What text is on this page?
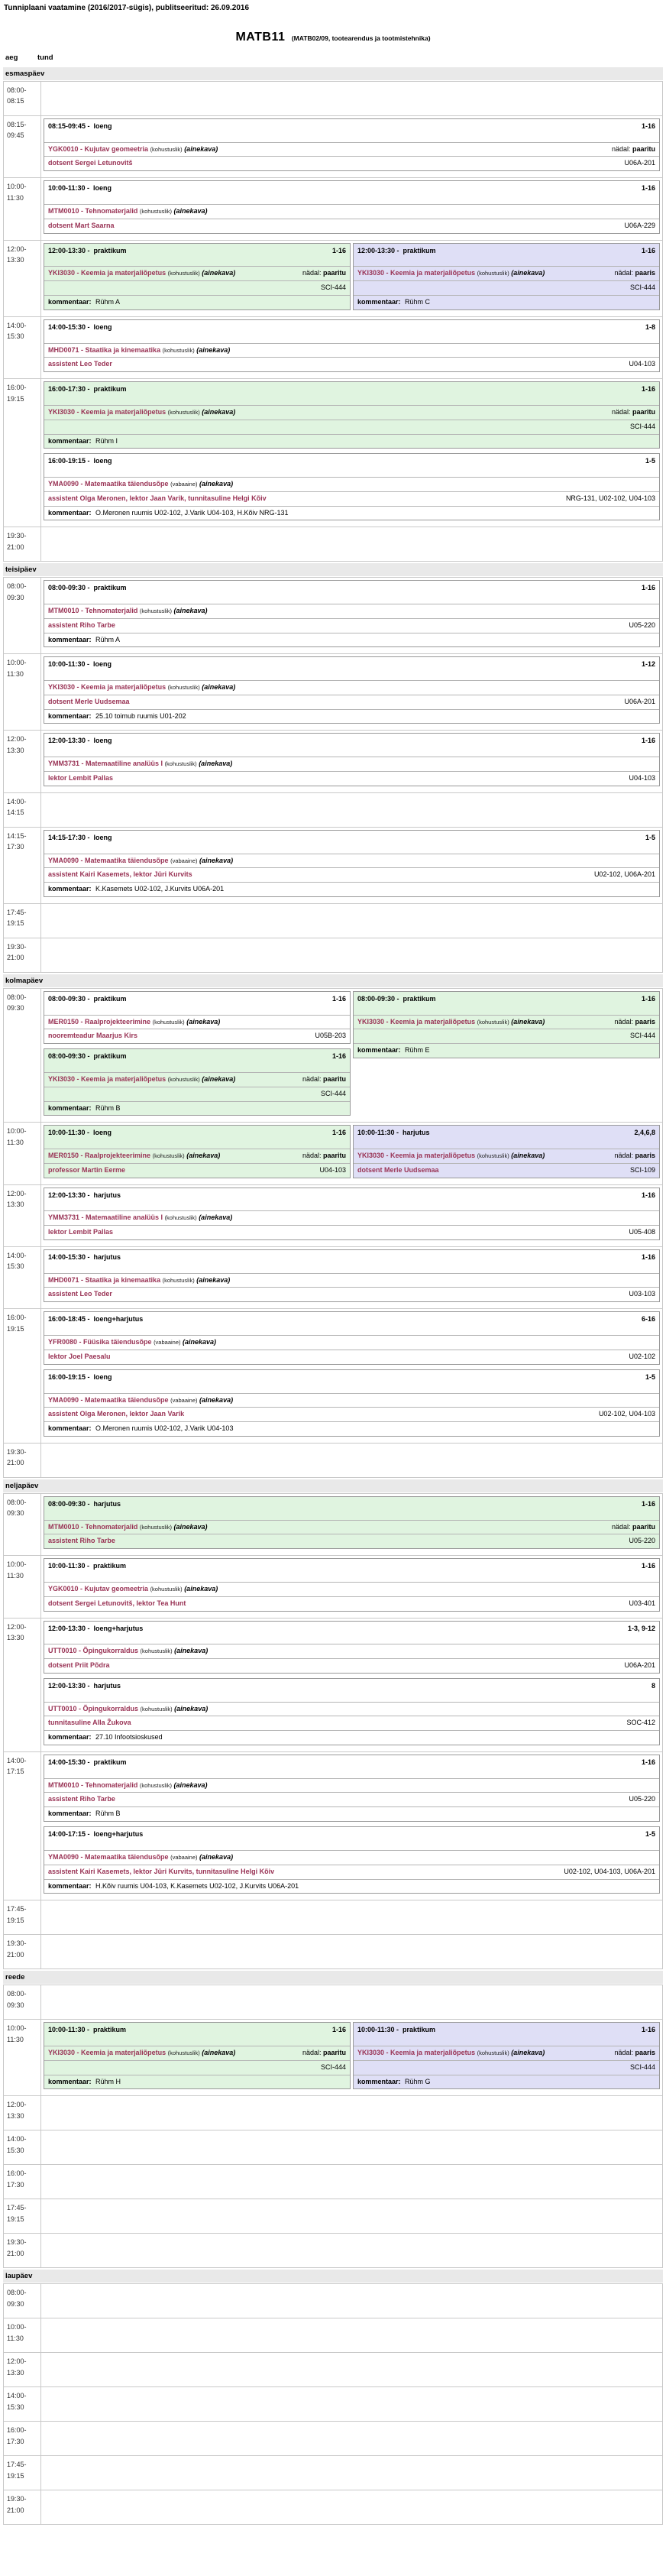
Tunniplaani vaatamine (2016/2017-sügis), publitseeritud: 26.09.2016
MATB11 (MATB02/09, tootearendus ja tootmistehnika)
aeg	tund
esmaspäev
08:00-
08:15
08:15-
09:45
08:15-09:45 - loeng	1-16
YGK0010 - Kujutav geomeetria (kohustuslik) (ainekava)	nädal: paaritu
dotsent Sergei Letunovitš	U06A-201
10:00-
11:30
10:00-11:30 - loeng	1-16
MTM0010 - Tehnomaterjalid (kohustuslik) (ainekava)
dotsent Mart Saarna	U06A-229
12:00-
13:30
12:00-13:30 - praktikum	1-16
YKI3030 - Keemia ja materjaliõpetus (kohustuslik) (ainekava)	nädal: paaritu
SCI-444
kommentaar: Rühm A
12:00-13:30 - praktikum	1-16
YKI3030 - Keemia ja materjaliõpetus (kohustuslik) (ainekava)	nädal: paaris
SCI-444
kommentaar: Rühm C
14:00-
15:30
14:00-15:30 - loeng	1-8
MHD0071 - Staatika ja kinemaatika (kohustuslik) (ainekava)
assistent Leo Teder	U04-103
16:00-
19:15
16:00-17:30 - praktikum	1-16
YKI3030 - Keemia ja materjaliõpetus (kohustuslik) (ainekava)	nädal: paaritu
SCI-444
kommentaar: Rühm I
16:00-19:15 - loeng	1-5
YMA0090 - Matemaatika täiendusõpe (vabaaine) (ainekava)
assistent Olga Meronen, lektor Jaan Varik, tunnitasuline Helgi Kõiv	NRG-131, U02-102, U04-103
kommentaar: O.Meronen ruumis U02-102, J.Varik U04-103, H.Kõiv NRG-131
19:30-
21:00
teisipäev
08:00-
09:30
08:00-09:30 - praktikum	1-16
MTM0010 - Tehnomaterjalid (kohustuslik) (ainekava)
assistent Riho Tarbe	U05-220
kommentaar: Rühm A
10:00-
11:30
10:00-11:30 - loeng	1-12
YKI3030 - Keemia ja materjaliõpetus (kohustuslik) (ainekava)
dotsent Merle Uudsemaa	U06A-201
kommentaar: 25.10 toimub ruumis U01-202
12:00-
13:30
12:00-13:30 - loeng	1-16
YMM3731 - Matemaatiline analüüs I (kohustuslik) (ainekava)
lektor Lembit Pallas	U04-103
14:00-
14:15
14:15-
17:30
14:15-17:30 - loeng	1-5
YMA0090 - Matemaatika täiendusõpe (vabaaine) (ainekava)
assistent Kairi Kasemets, lektor Jüri Kurvits	U02-102, U06A-201
kommentaar: K.Kasemets U02-102, J.Kurvits U06A-201
17:45-
19:15
19:30-
21:00
kolmapäev
08:00-
09:30
08:00-09:30 - praktikum	1-16
MER0150 - Raalprojekteerimine (kohustuslik) (ainekava)
nooremteadur Maarjus Kirs	U05B-203
08:00-09:30 - praktikum	1-16
YKI3030 - Keemia ja materjaliõpetus (kohustuslik) (ainekava)	nädal: paaritu
SCI-444
kommentaar: Rühm B
08:00-09:30 - praktikum	1-16
YKI3030 - Keemia ja materjaliõpetus (kohustuslik) (ainekava)	nädal: paaris
SCI-444
kommentaar: Rühm E
10:00-
11:30
10:00-11:30 - loeng	1-16
MER0150 - Raalprojekteerimine (kohustuslik) (ainekava)	nädal: paaritu
professor Martin Eerme	U04-103
10:00-11:30 - harjutus	2,4,6,8
YKI3030 - Keemia ja materjaliõpetus (kohustuslik) (ainekava)	nädal: paaris
dotsent Merle Uudsemaa	SCI-109
12:00-
13:30
12:00-13:30 - harjutus	1-16
YMM3731 - Matemaatiline analüüs I (kohustuslik) (ainekava)
lektor Lembit Pallas	U05-408
14:00-
15:30
14:00-15:30 - harjutus	1-16
MHD0071 - Staatika ja kinemaatika (kohustuslik) (ainekava)
assistent Leo Teder	U03-103
16:00-
19:15
16:00-18:45 - loeng+harjutus	6-16
YFR0080 - Füüsika täiendusõpe (vabaaine) (ainekava)
lektor Joel Paesalu	U02-102
16:00-19:15 - loeng	1-5
YMA0090 - Matemaatika täiendusõpe (vabaaine) (ainekava)
assistent Olga Meronen, lektor Jaan Varik	U02-102, U04-103
kommentaar: O.Meronen ruumis U02-102, J.Varik U04-103
19:30-
21:00
neljapäev
08:00-
09:30
08:00-09:30 - harjutus	1-16
MTM0010 - Tehnomaterjalid (kohustuslik) (ainekava)	nädal: paaritu
assistent Riho Tarbe	U05-220
10:00-
11:30
10:00-11:30 - praktikum	1-16
YGK0010 - Kujutav geomeetria (kohustuslik) (ainekava)
dotsent Sergei Letunovitš, lektor Tea Hunt	U03-401
12:00-
13:30
12:00-13:30 - loeng+harjutus	1-3, 9-12
UTT0010 - Õpingukorraldus (kohustuslik) (ainekava)
dotsent Priit Põdra	U06A-201
12:00-13:30 - harjutus	8
UTT0010 - Õpingukorraldus (kohustuslik) (ainekava)
tunnitasuline Alla Žukova	SOC-412
kommentaar: 27.10 Infootsioskused
14:00-
17:15
14:00-15:30 - praktikum	1-16
MTM0010 - Tehnomaterjalid (kohustuslik) (ainekava)
assistent Riho Tarbe	U05-220
kommentaar: Rühm B
14:00-17:15 - loeng+harjutus	1-5
YMA0090 - Matemaatika täiendusõpe (vabaaine) (ainekava)
assistent Kairi Kasemets, lektor Jüri Kurvits, tunnitasuline Helgi Kõiv	U02-102, U04-103, U06A-201
kommentaar: H.Kõiv ruumis U04-103, K.Kasemets U02-102, J.Kurvits U06A-201
17:45-
19:15
19:30-
21:00
reede
08:00-
09:30
10:00-
11:30
10:00-11:30 - praktikum	1-16
YKI3030 - Keemia ja materjaliõpetus (kohustuslik) (ainekava)	nädal: paaritu
SCI-444
kommentaar: Rühm H
10:00-11:30 - praktikum	1-16
YKI3030 - Keemia ja materjaliõpetus (kohustuslik) (ainekava)	nädal: paaris
SCI-444
kommentaar: Rühm G
12:00-
13:30
14:00-
15:30
16:00-
17:30
17:45-
19:15
19:30-
21:00
laupäev
08:00-
09:30
10:00-
11:30
12:00-
13:30
14:00-
15:30
16:00-
17:30
17:45-
19:15
19:30-
21:00
